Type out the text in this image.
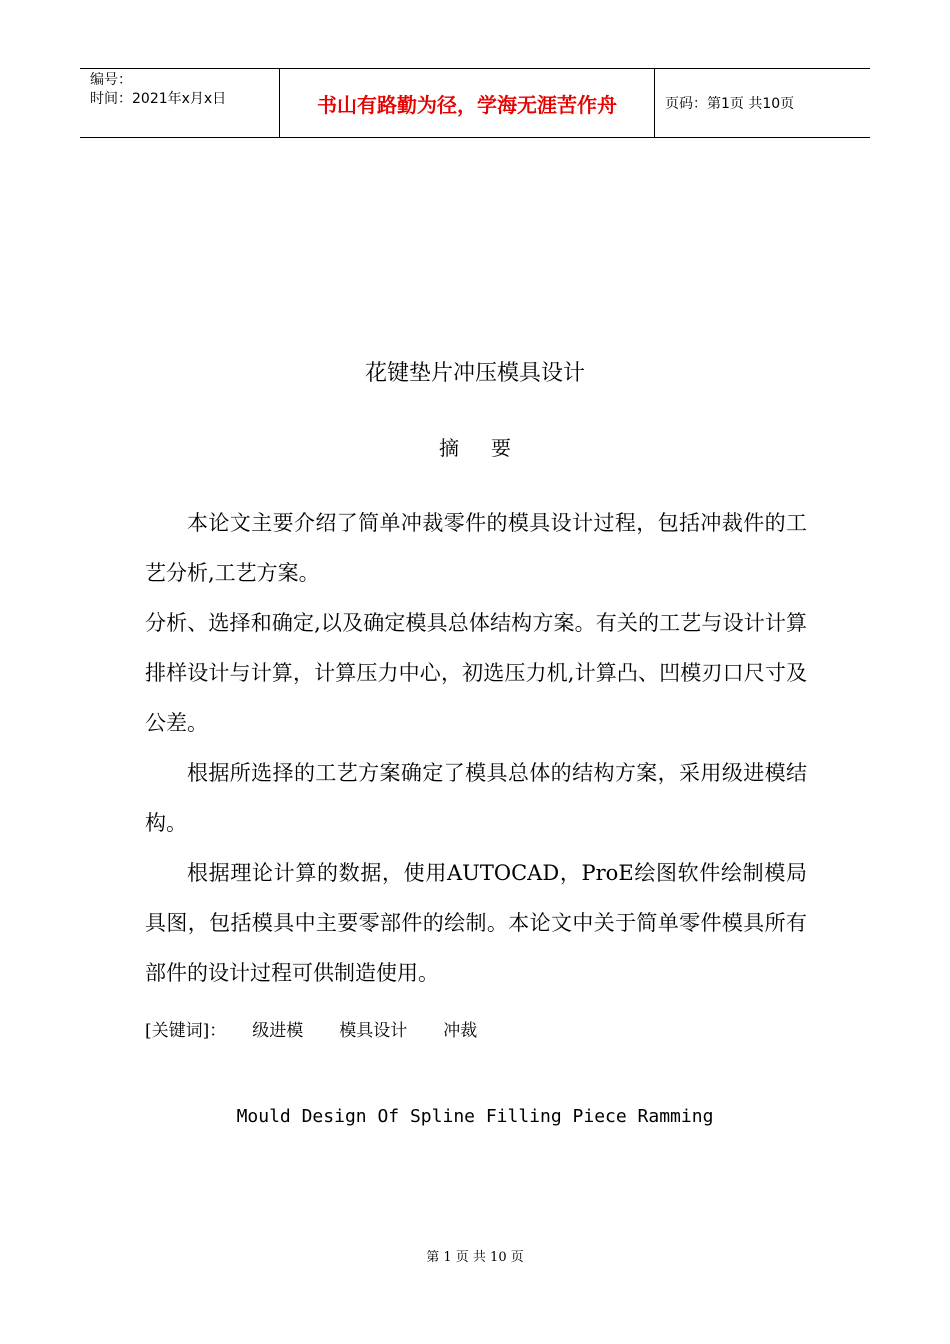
编号：
时间：2021年x月x日	书山有路勤为径，学海无涯苦作舟	页码：第1页 共10页
花键垫片冲压模具设计
摘要

本论文主要介绍了简单冲裁零件的模具设计过程，包括冲裁件的工艺分析,工艺方案。

分析、选择和确定,以及确定模具总体结构方案。有关的工艺与设计计算排样设计与计算，计算压力中心，初选压力机,计算凸、凹模刃口尺寸及公差。

根据所选择的工艺方案确定了模具总体的结构方案，采用级进模结构。

根据理论计算的数据，使用AUTOCAD，ProE绘图软件绘制模局具图，包括模具中主要零部件的绘制。本论文中关于简单零件模具所有部件的设计过程可供制造使用。

[关键词]： 级进模 模具设计 冲裁
Mould Design Of Spline Filling Piece Ramming
第 1 页 共 10 页
